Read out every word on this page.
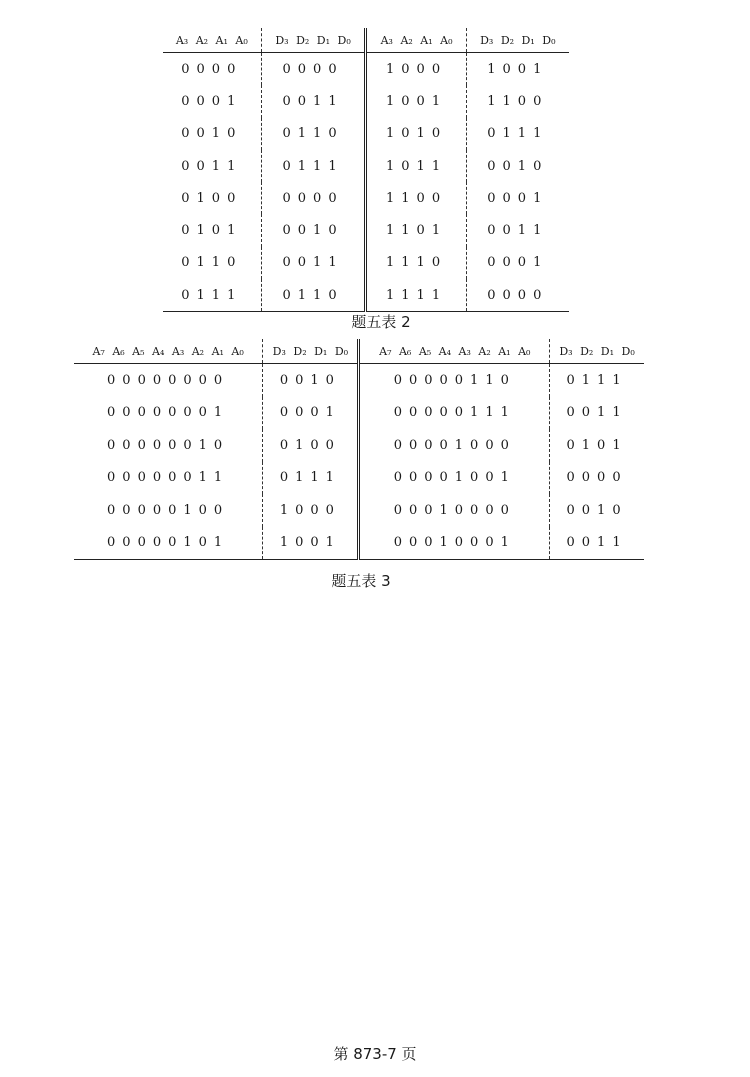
A₃ A₂ A₁ A₀	D₃ D₂ D₁ D₀	A₃ A₂ A₁ A₀	D₃ D₂ D₁ D₀
0000	0000	1000	1001
0001	0011	1001	1100
0010	0110	1010	0111
0011	0111	1011	0010
0100	0000	1100	0001
0101	0010	1101	0011
0110	0011	1110	0001
0111	0110	1111	0000
题五表 2
A₇ A₆ A₅ A₄ A₃ A₂ A₁ A₀	D₃ D₂ D₁ D₀	A₇ A₆ A₅ A₄ A₃ A₂ A₁ A₀	D₃ D₂ D₁ D₀
00000000	0010	00000110	0111
00000001	0001	00000111	0011
00000010	0100	00001000	0101
00000011	0111	00001001	0000
00000100	1000	00010000	0010
00000101	1001	00010001	0011
题五表 3
第 873-7 页
